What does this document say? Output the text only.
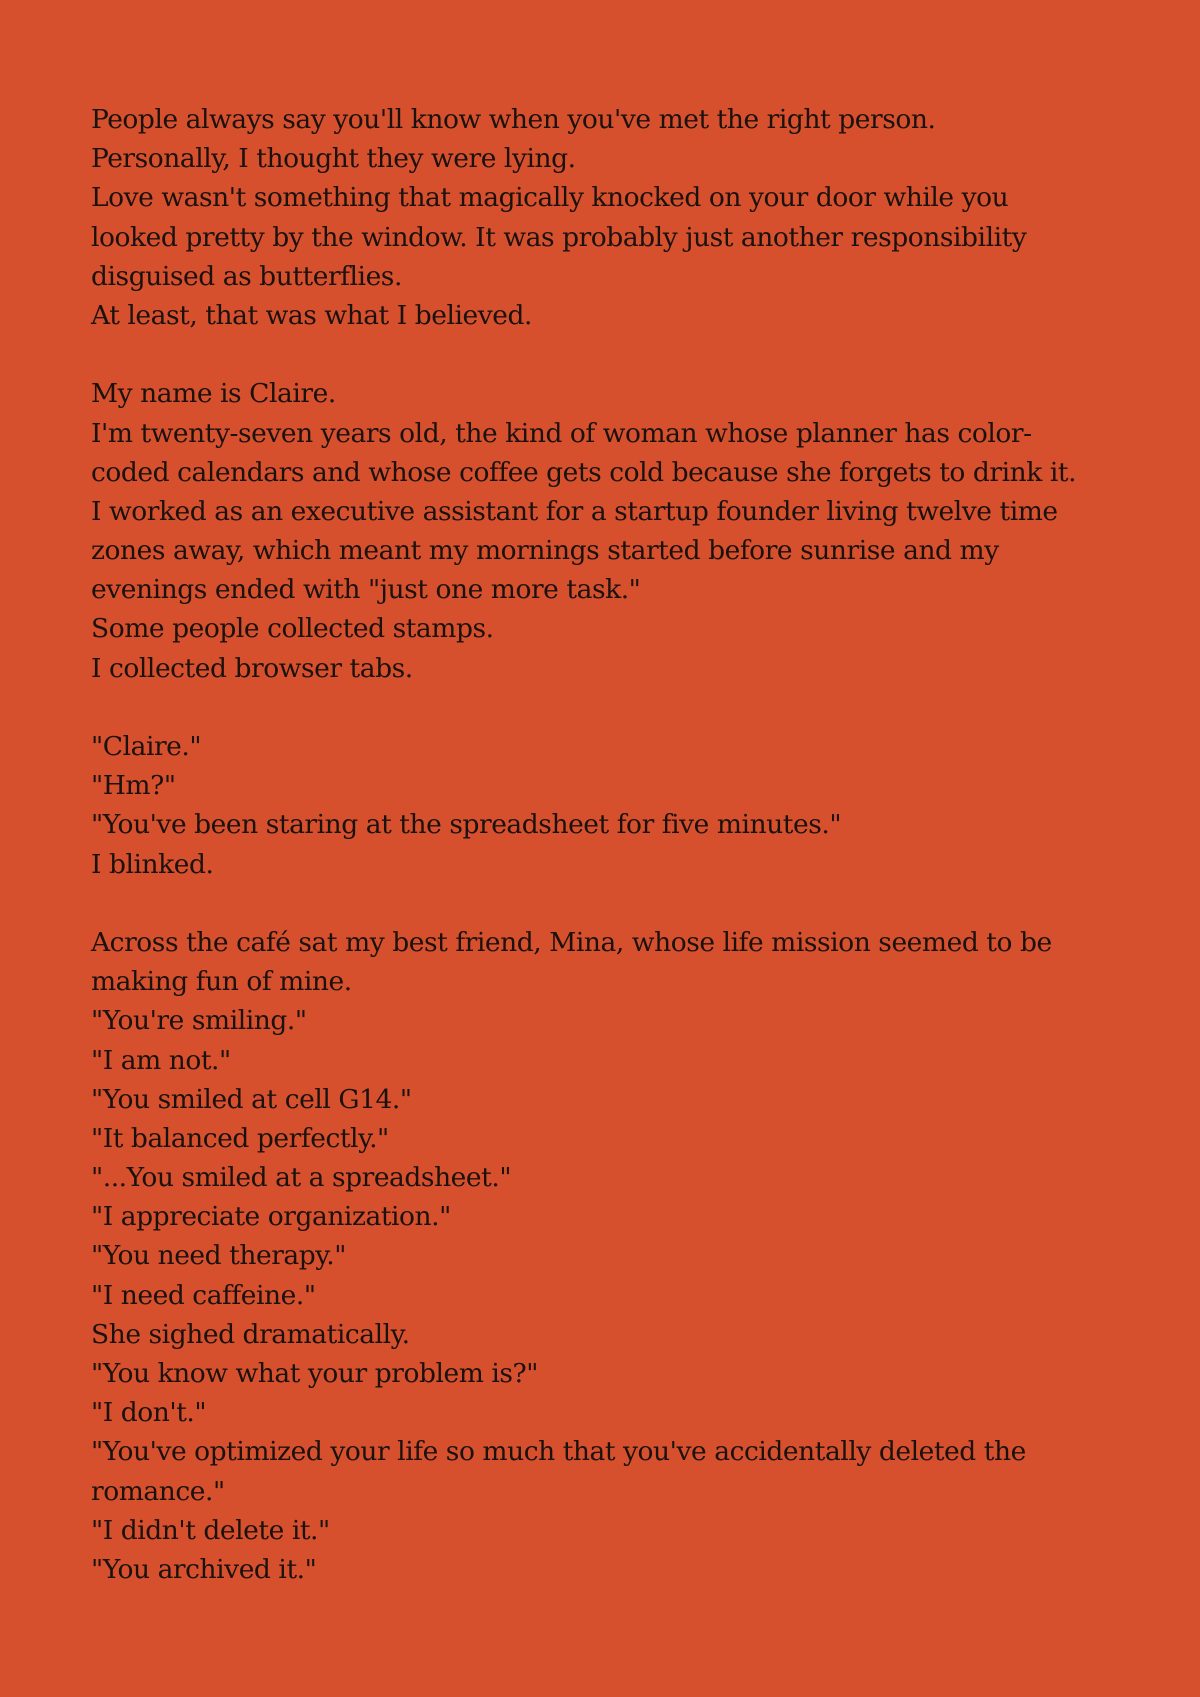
People always say you'll know when you've met the right person.
Personally, I thought they were lying.
Love wasn't something that magically knocked on your door while you
looked pretty by the window. It was probably just another responsibility
disguised as butterflies.
At least, that was what I believed.
My name is Claire.
I'm twenty-seven years old, the kind of woman whose planner has color-
coded calendars and whose coffee gets cold because she forgets to drink it.
I worked as an executive assistant for a startup founder living twelve time
zones away, which meant my mornings started before sunrise and my
evenings ended with "just one more task."
Some people collected stamps.
I collected browser tabs.
"Claire."
"Hm?"
"You've been staring at the spreadsheet for five minutes."
I blinked.
Across the café sat my best friend, Mina, whose life mission seemed to be
making fun of mine.
"You're smiling."
"I am not."
"You smiled at cell G14."
"It balanced perfectly."
"...You smiled at a spreadsheet."
"I appreciate organization."
"You need therapy."
"I need caffeine."
She sighed dramatically.
"You know what your problem is?"
"I don't."
"You've optimized your life so much that you've accidentally deleted the
romance."
"I didn't delete it."
"You archived it."
